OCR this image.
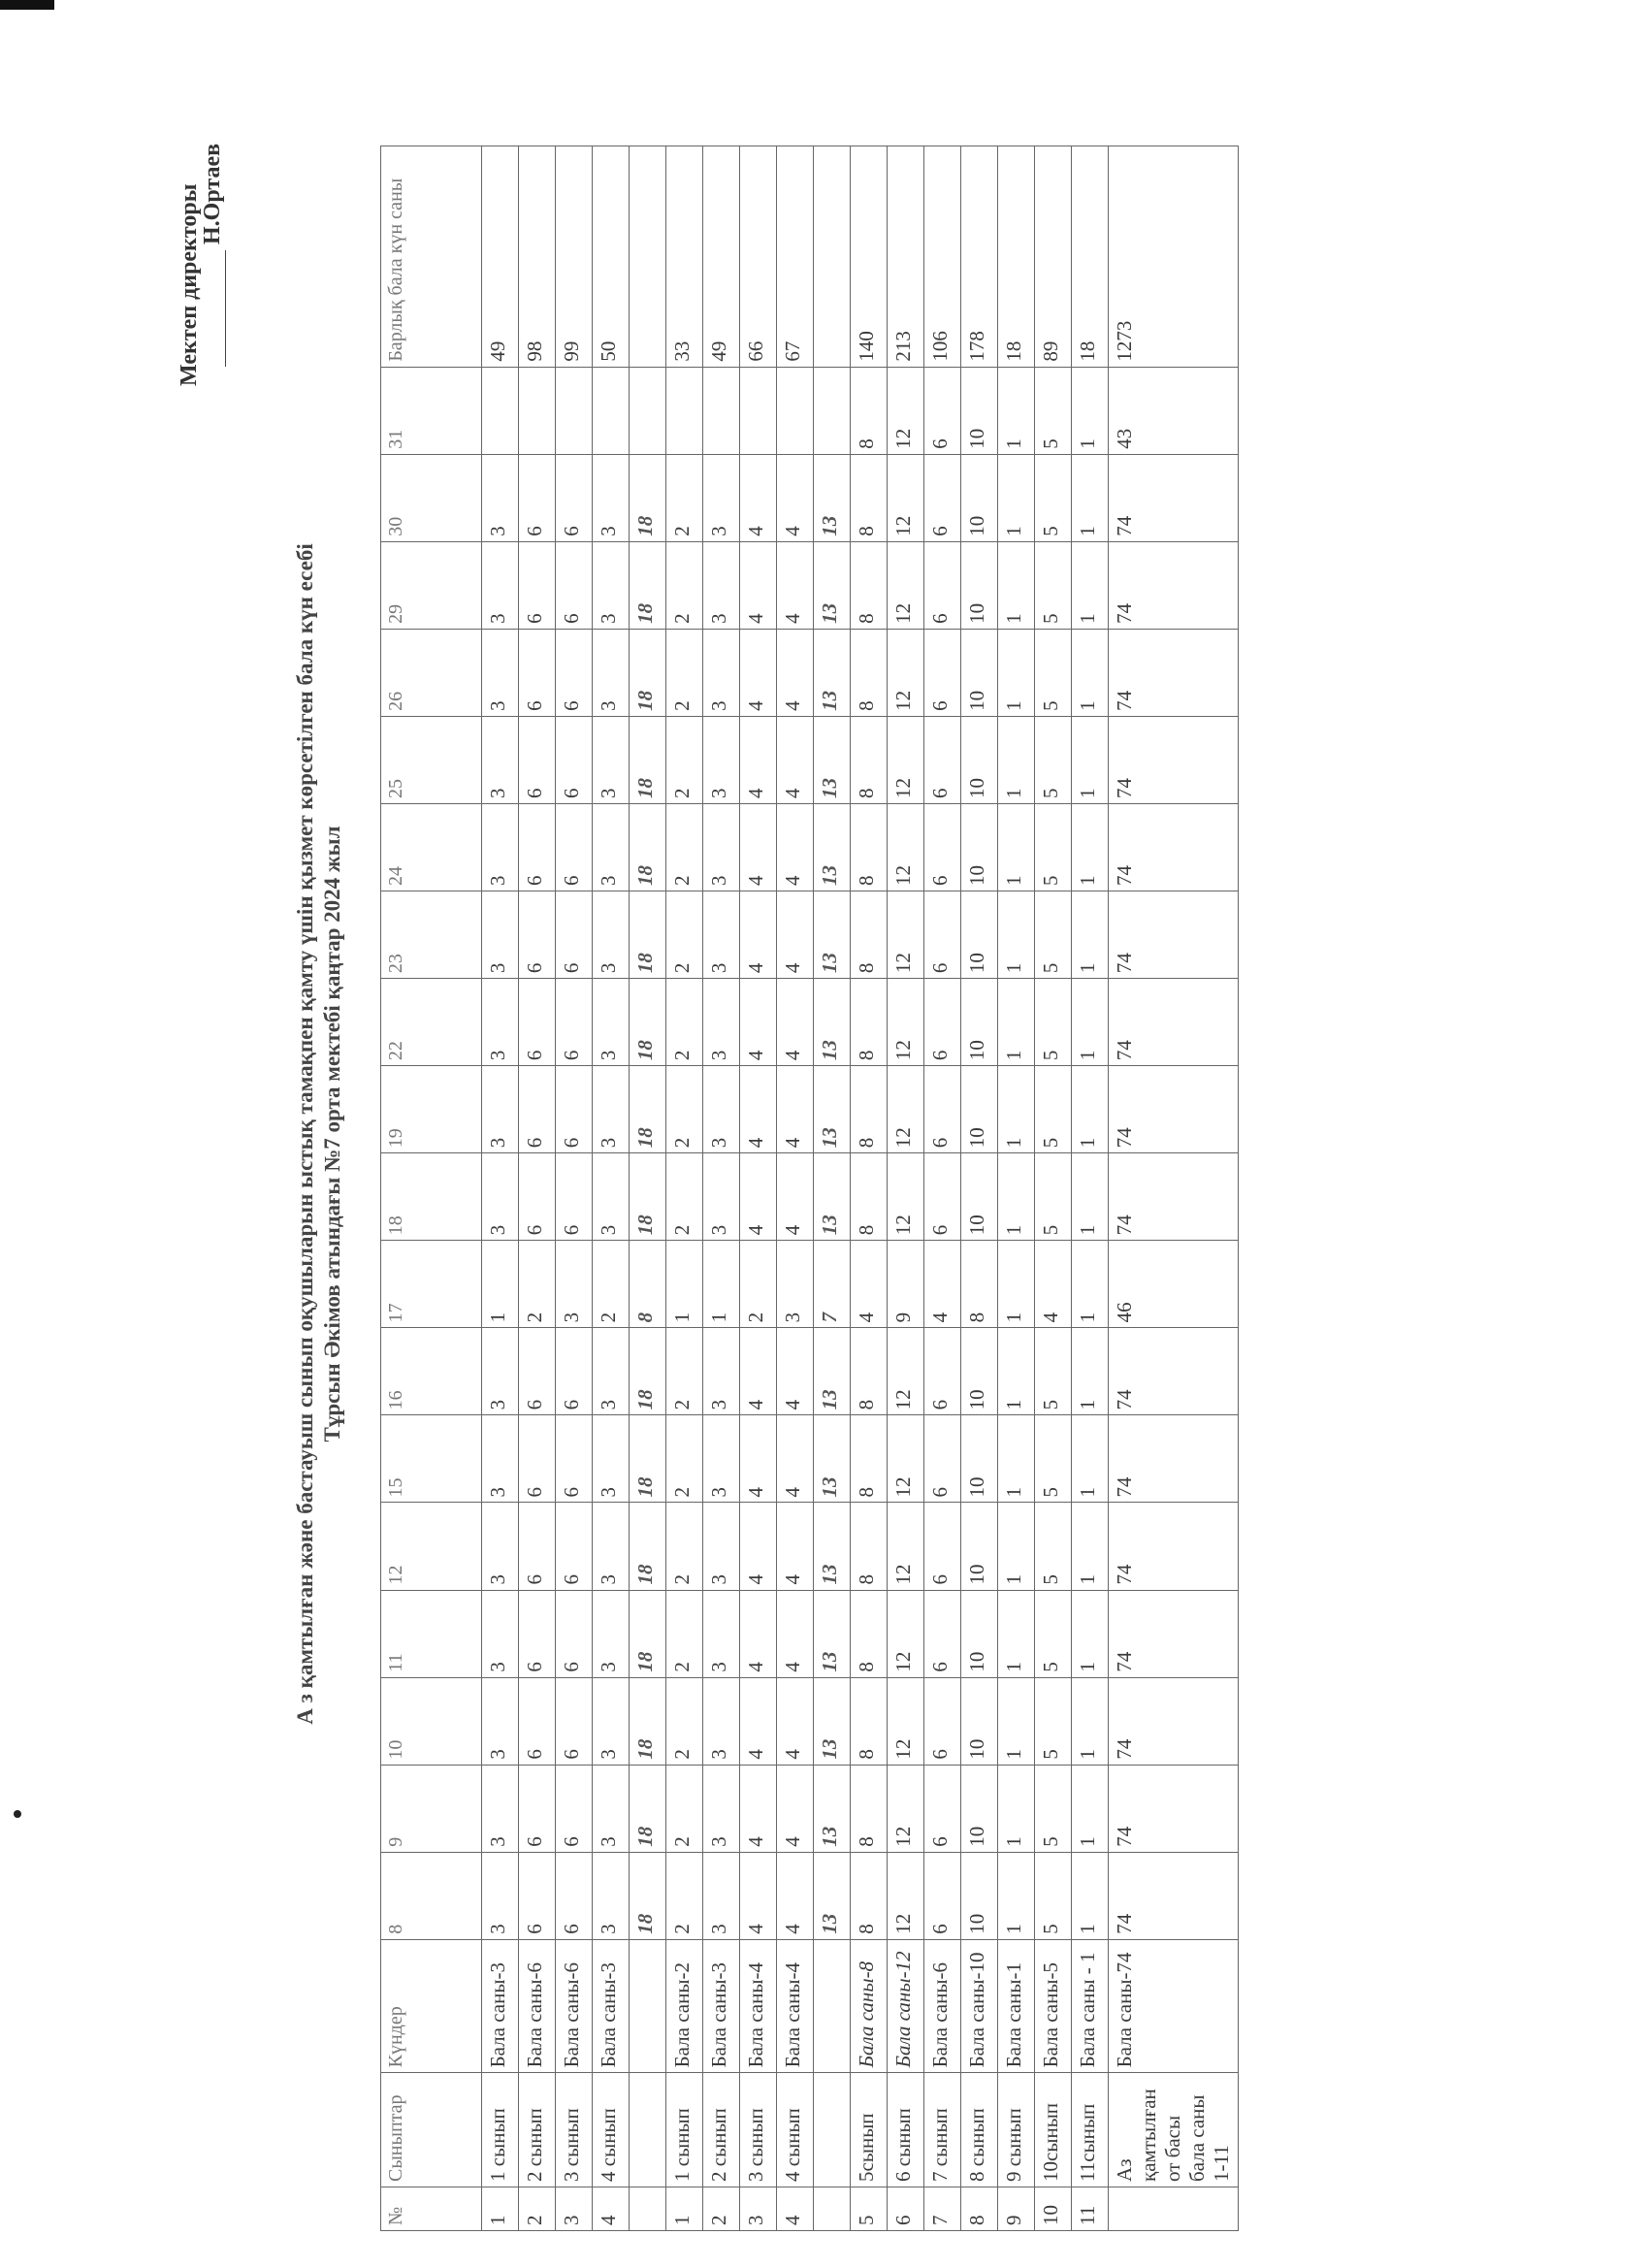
А з қамтылған және бастауыш сынып оқушыларын ыстық тамақпен қамту үшін қызмет көрсетілген бала күн есебі Тұрсын Әкімов атындағы №7 орта мектебі қаңтар 2024 жыл
Мектеп директоры
Н.Ортаев
№	Сыныптар	Күндер	8	9	10	11	12	15	16	17	18	19	22	23	24	25	26	29	30	31	Барлық бала күн саны
1	1 сынып	Бала саны-3	3	3	3	3	3	3	3	1	3	3	3	3	3	3	3	3	3		49
2	2 сынып	Бала саны-6	6	6	6	6	6	6	6	2	6	6	6	6	6	6	6	6	6		98
3	3 сынып	Бала саны-6	6	6	6	6	6	6	6	3	6	6	6	6	6	6	6	6	6		99
4	4 сынып	Бала саны-3	3	3	3	3	3	3	3	2	3	3	3	3	3	3	3	3	3		50
			18	18	18	18	18	18	18	8	18	18	18	18	18	18	18	18	18		
1	1 сынып	Бала саны-2	2	2	2	2	2	2	2	1	2	2	2	2	2	2	2	2	2		33
2	2 сынып	Бала саны-3	3	3	3	3	3	3	3	1	3	3	3	3	3	3	3	3	3		49
3	3 сынып	Бала саны-4	4	4	4	4	4	4	4	2	4	4	4	4	4	4	4	4	4		66
4	4 сынып	Бала саны-4	4	4	4	4	4	4	4	3	4	4	4	4	4	4	4	4	4		67
			13	13	13	13	13	13	13	7	13	13	13	13	13	13	13	13	13		
5	5сынып	Бала саны-8	8	8	8	8	8	8	8	4	8	8	8	8	8	8	8	8	8	8	140
6	6 сынып	Бала саны-12	12	12	12	12	12	12	12	9	12	12	12	12	12	12	12	12	12	12	213
7	7 сынып	Бала саны-6	6	6	6	6	6	6	6	4	6	6	6	6	6	6	6	6	6	6	106
8	8 сынып	Бала саны-10	10	10	10	10	10	10	10	8	10	10	10	10	10	10	10	10	10	10	178
9	9 сынып	Бала саны-1	1	1	1	1	1	1	1	1	1	1	1	1	1	1	1	1	1	1	18
10	10сынып	Бала саны-5	5	5	5	5	5	5	5	4	5	5	5	5	5	5	5	5	5	5	89
11	11сынып	Бала саны - 1	1	1	1	1	1	1	1	1	1	1	1	1	1	1	1	1	1	1	18
	Аз қамтылған от басы бала саны 1-11	Бала саны-74	74	74	74	74	74	74	74	46	74	74	74	74	74	74	74	74	74	43	1273
